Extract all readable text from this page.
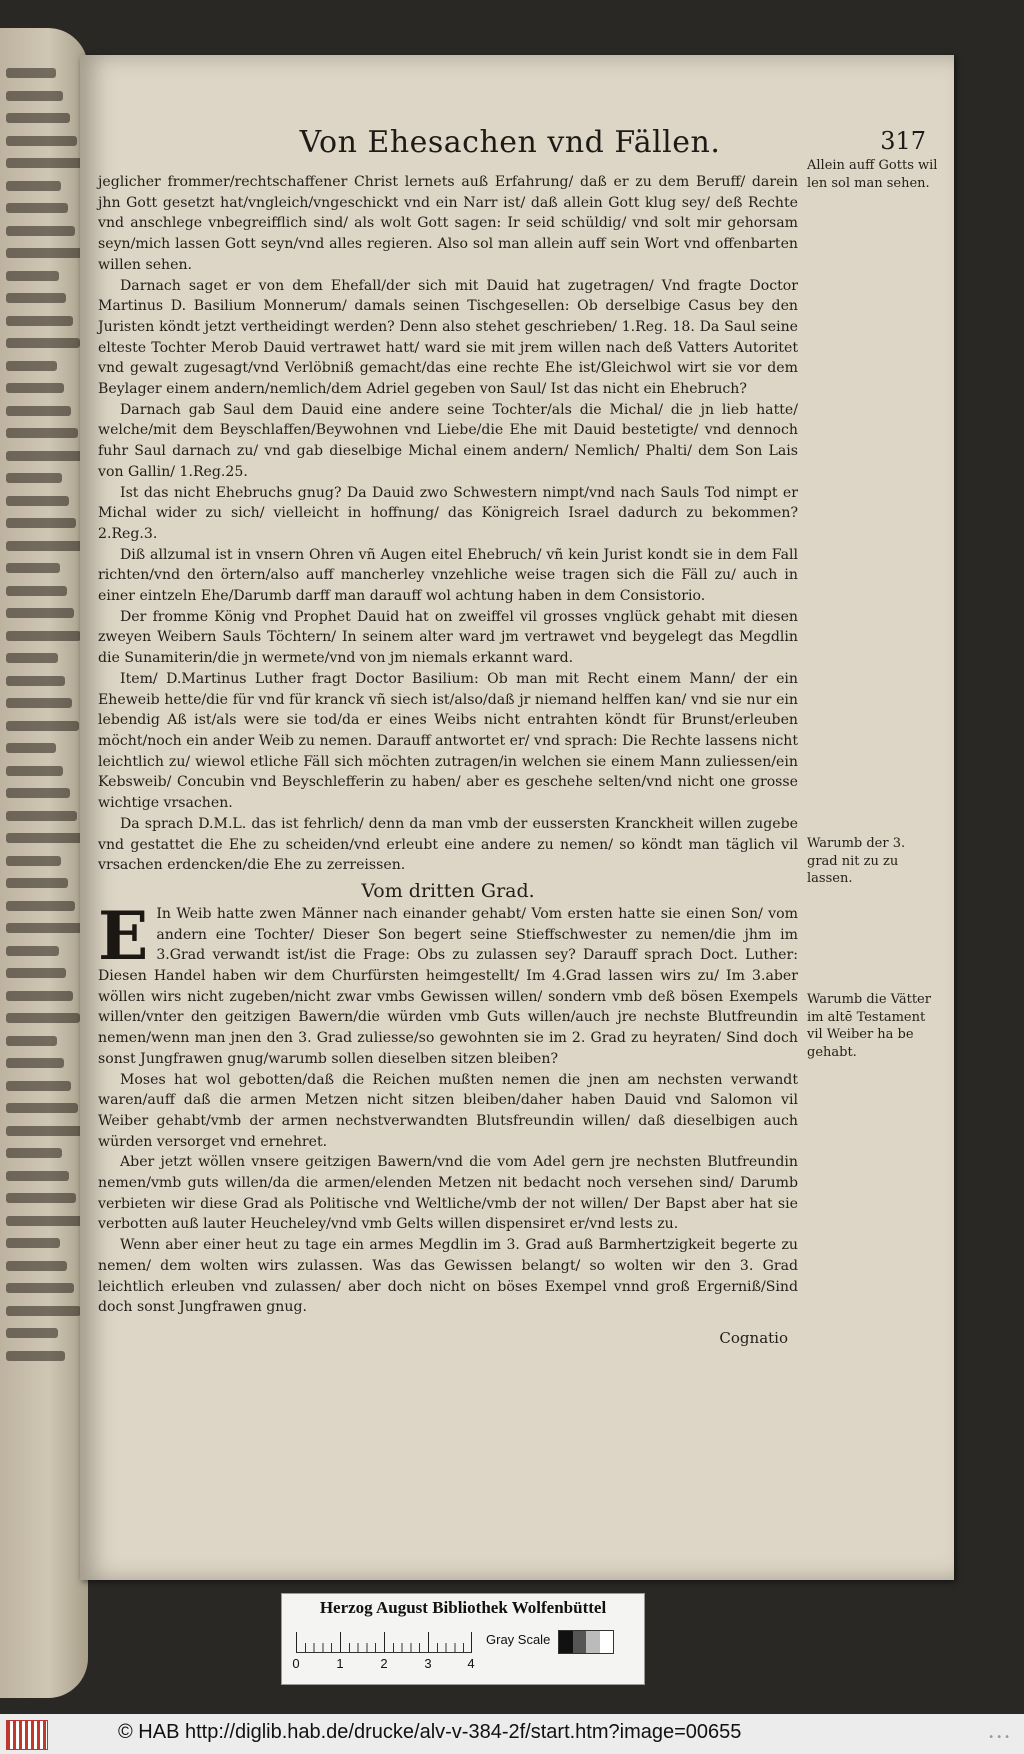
Von Ehesachen vnd Fällen.	317

jeglicher frommer/rechtschaffener Christ lernets auß Erfahrung/ daß er zu dem Beruff/ darein jhn Gott gesetzt hat/vngleich/vngeschickt vnd ein Narr ist/ daß allein Gott klug sey/ deß Rechte vnd anschlege vnbegreifflich sind/ als wolt Gott sagen: Ir seid schüldig/ vnd solt mir gehorsam seyn/mich lassen Gott seyn/vnd alles regieren. Also sol man allein auff sein Wort vnd offenbarten willen sehen.

Darnach saget er von dem Ehefall/der sich mit Dauid hat zugetragen/ Vnd fragte Doctor Martinus D. Basilium Monnerum/ damals seinen Tischgesellen: Ob derselbige Casus bey den Juristen köndt jetzt vertheidingt werden? Denn also stehet geschrieben/ 1.Reg. 18. Da Saul seine elteste Tochter Merob Dauid vertrawet hatt/ ward sie mit jrem willen nach deß Vatters Autoritet vnd gewalt zugesagt/vnd Verlöbniß gemacht/das eine rechte Ehe ist/Gleichwol wirt sie vor dem Beylager einem andern/nemlich/dem Adriel gegeben von Saul/ Ist das nicht ein Ehebruch?

Darnach gab Saul dem Dauid eine andere seine Tochter/als die Michal/ die jn lieb hatte/ welche/mit dem Beyschlaffen/Beywohnen vnd Liebe/die Ehe mit Dauid bestetigte/ vnd dennoch fuhr Saul darnach zu/ vnd gab dieselbige Michal einem andern/ Nemlich/ Phalti/ dem Son Lais von Gallin/ 1.Reg.25.

Ist das nicht Ehebruchs gnug? Da Dauid zwo Schwestern nimpt/vnd nach Sauls Tod nimpt er Michal wider zu sich/ vielleicht in hoffnung/ das Königreich Israel dadurch zu bekommen? 2.Reg.3.

Diß allzumal ist in vnsern Ohren vñ Augen eitel Ehebruch/ vñ kein Jurist kondt sie in dem Fall richten/vnd den örtern/also auff mancherley vnzehliche weise tragen sich die Fäll zu/ auch in einer eintzeln Ehe/Darumb darff man darauff wol achtung haben in dem Consistorio.

Der fromme König vnd Prophet Dauid hat on zweiffel vil grosses vnglück gehabt mit diesen zweyen Weibern Sauls Töchtern/ In seinem alter ward jm vertrawet vnd beygelegt das Megdlin die Sunamiterin/die jn wermete/vnd von jm niemals erkannt ward.

Item/ D.Martinus Luther fragt Doctor Basilium: Ob man mit Recht einem Mann/ der ein Eheweib hette/die für vnd für kranck vñ siech ist/also/daß jr niemand helffen kan/ vnd sie nur ein lebendig Aß ist/als were sie tod/da er eines Weibs nicht entrahten köndt für Brunst/erleuben möcht/noch ein ander Weib zu nemen. Darauff antwortet er/ vnd sprach: Die Rechte lassens nicht leichtlich zu/ wiewol etliche Fäll sich möchten zutragen/in welchen sie einem Mann zuliessen/ein Kebsweib/ Concubin vnd Beyschlefferin zu haben/ aber es geschehe selten/vnd nicht one grosse wichtige vrsachen.

Da sprach D.M.L. das ist fehrlich/ denn da man vmb der eussersten Kranckheit willen zugebe vnd gestattet die Ehe zu scheiden/vnd erleubt eine andere zu nemen/ so köndt man täglich vil vrsachen erdencken/die Ehe zu zerreissen.

Vom dritten Grad.

E In Weib hatte zwen Männer nach einander gehabt/ Vom ersten hatte sie einen Son/ vom andern eine Tochter/ Dieser Son begert seine Stieffschwester zu nemen/die jhm im 3.Grad verwandt ist/ist die Frage: Obs zu zulassen sey? Darauff sprach Doct. Luther: Diesen Handel haben wir dem Churfürsten heimgestellt/ Im 4.Grad lassen wirs zu/ Im 3.aber wöllen wirs nicht zugeben/nicht zwar vmbs Gewissen willen/ sondern vmb deß bösen Exempels willen/vnter den geitzigen Bawern/die würden vmb Guts willen/auch jre nechste Blutfreundin nemen/wenn man jnen den 3. Grad zuliesse/so gewohnten sie im 2. Grad zu heyraten/ Sind doch sonst Jungfrawen gnug/warumb sollen dieselben sitzen bleiben?

Moses hat wol gebotten/daß die Reichen mußten nemen die jnen am nechsten verwandt waren/auff daß die armen Metzen nicht sitzen bleiben/daher haben Dauid vnd Salomon vil Weiber gehabt/vmb der armen nechstverwandten Blutsfreundin willen/ daß dieselbigen auch würden versorget vnd ernehret.

Aber jetzt wöllen vnsere geitzigen Bawern/vnd die vom Adel gern jre nechsten Blutfreundin nemen/vmb guts willen/da die armen/elenden Metzen nit bedacht noch versehen sind/ Darumb verbieten wir diese Grad als Politische vnd Weltliche/vmb der not willen/ Der Bapst aber hat sie verbotten auß lauter Heucheley/vnd vmb Gelts willen dispensiret er/vnd lests zu.

Wenn aber einer heut zu tage ein armes Megdlin im 3. Grad auß Barmhertzigkeit begerte zu nemen/ dem wolten wirs zulassen. Was das Gewissen belangt/ so wolten wir den 3. Grad leichtlich erleuben vnd zulassen/ aber doch nicht on böses Exempel vnnd groß Ergerniß/Sind doch sonst Jungfrawen gnug.

Cognatio
Allein auff Gotts wil len sol man sehen.
Warumb der 3. grad nit zu zu lassen.
Warumb die Vätter im altē Testament vil Weiber ha be gehabt.
Herzog August Bibliothek Wolfenbüttel
0	1	2	3	4
Gray Scale
© HAB http://diglib.hab.de/drucke/alv-v-384-2f/start.htm?image=00655	•••
